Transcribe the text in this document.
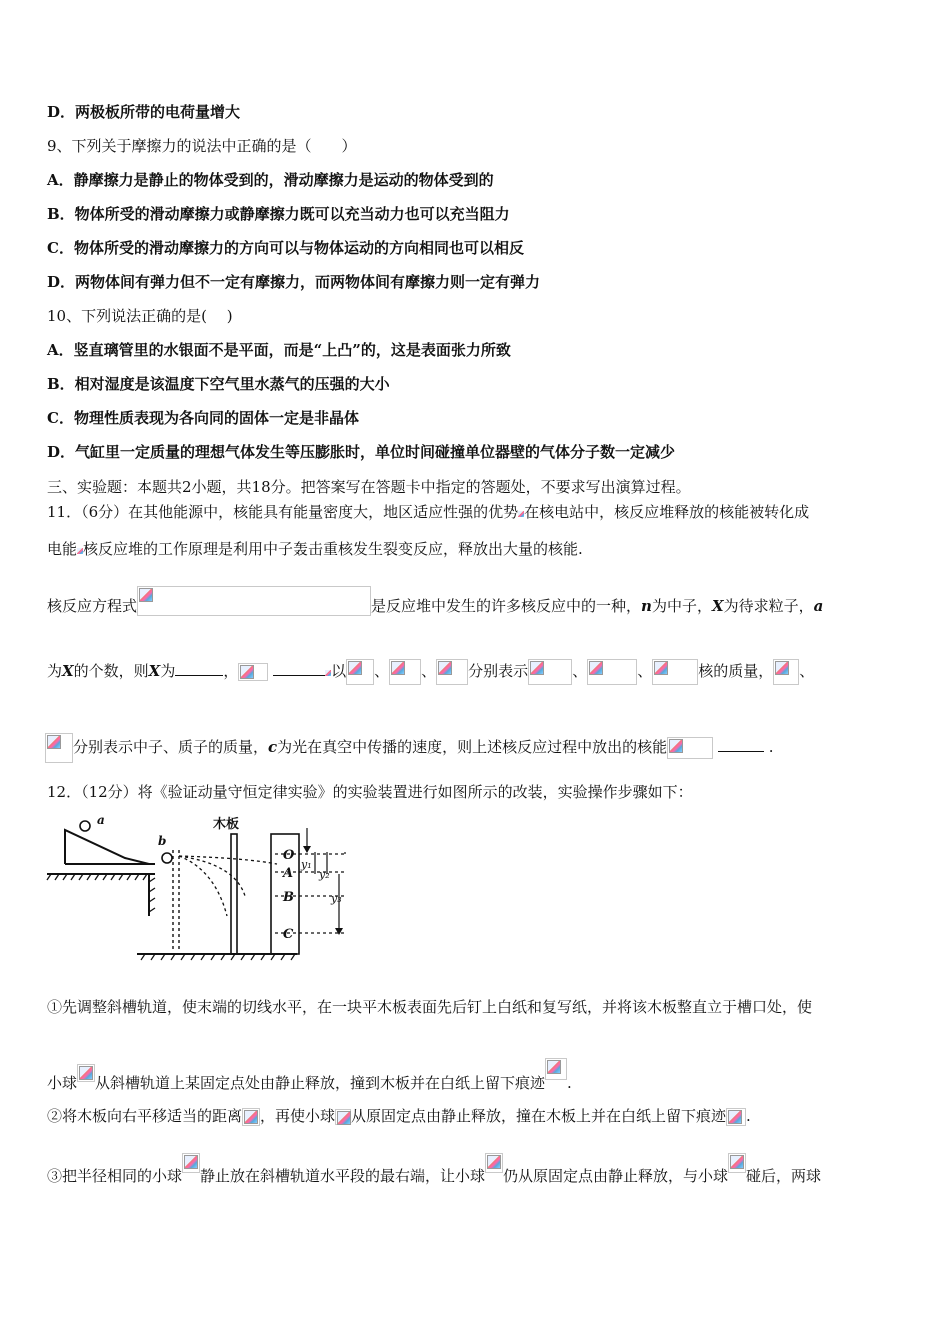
D．两极板所带的电荷量增大
9、下列关于摩擦力的说法中正确的是（　　）
A．静摩擦力是静止的物体受到的，滑动摩擦力是运动的物体受到的
B．物体所受的滑动摩擦力或静摩擦力既可以充当动力也可以充当阻力
C．物体所受的滑动摩擦力的方向可以与物体运动的方向相同也可以相反
D．两物体间有弹力但不一定有摩擦力，而两物体间有摩擦力则一定有弹力
10、下列说法正确的是(　 )
A．竖直璃管里的水银面不是平面，而是“上凸”的，这是表面张力所致
B．相对湿度是该温度下空气里水蒸气的压强的大小
C．物理性质表现为各向同的固体一定是非晶体
D．气缸里一定质量的理想气体发生等压膨胀时，单位时间碰撞单位器壁的气体分子数一定减少
三、实验题：本题共2小题，共18分。把答案写在答题卡中指定的答题处，不要求写出演算过程。
11．（6分）在其他能源中，核能具有能量密度大，地区适应性强的优势 在核电站中，核反应堆释放的核能被转化成
电能 核反应堆的工作原理是利用中子轰击重核发生裂变反应，释放出大量的核能.
核反应方程式	是反应堆中发生的许多核反应中的一种，n为中子，X为待求粒子，a
为X的个数，则X为	，	以 、 、 分别表示	、	、	核的质量， 、
分别表示中子、质子的质量，c为光在真空中传播的速度，则上述核反应过程中放出的核能	.
12．（12分）将《验证动量守恒定律实验》的实验装置进行如图所示的改装，实验操作步骤如下：
a
b
木板
O
A
B
C
y₁
y₂
y₃
①先调整斜槽轨道，使末端的切线水平，在一块平木板表面先后钉上白纸和复写纸，并将该木板整直立于槽口处，使
小球 从斜槽轨道上某固定点处由静止释放，撞到木板并在白纸上留下痕迹 .
②将木板向右平移适当的距离 ，再使小球 从原固定点由静止释放，撞在木板上并在白纸上留下痕迹 .
③把半径相同的小球 静止放在斜槽轨道水平段的最右端，让小球 仍从原固定点由静止释放，与小球 碰后，两球
